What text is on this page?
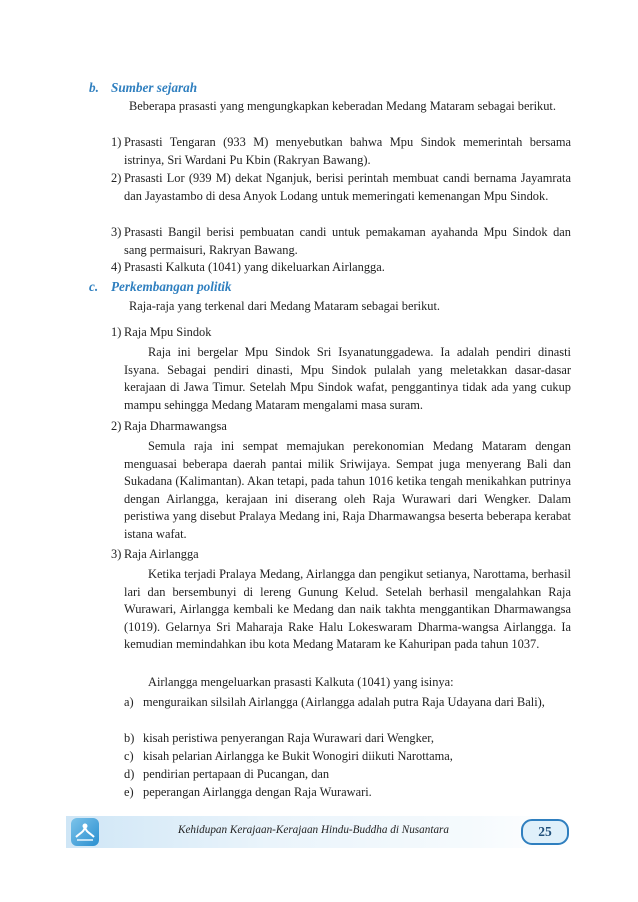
b. Sumber sejarah
Beberapa prasasti yang mengungkapkan keberadan Medang Mataram sebagai berikut.
1) Prasasti Tengaran (933 M) menyebutkan bahwa Mpu Sindok memerintah bersama istrinya, Sri Wardani Pu Kbin (Rakryan Bawang).
2) Prasasti Lor (939 M) dekat Nganjuk, berisi perintah membuat candi bernama Jayamrata dan Jayastambo di desa Anyok Lodang untuk memeringati kemenangan Mpu Sindok.
3) Prasasti Bangil berisi pembuatan candi untuk pemakaman ayahanda Mpu Sindok dan sang permaisuri, Rakryan Bawang.
4) Prasasti Kalkuta (1041) yang dikeluarkan Airlangga.
c. Perkembangan politik
Raja-raja yang terkenal dari Medang Mataram sebagai berikut.
1) Raja Mpu Sindok
Raja ini bergelar Mpu Sindok Sri Isyanatunggadewa. Ia adalah pendiri dinasti Isyana. Sebagai pendiri dinasti, Mpu Sindok pulalah yang meletakkan dasar-dasar kerajaan di Jawa Timur. Setelah Mpu Sindok wafat, penggantinya tidak ada yang cukup mampu sehingga Medang Mataram mengalami masa suram.
2) Raja Dharmawangsa
Semula raja ini sempat memajukan perekonomian Medang Mataram dengan menguasai beberapa daerah pantai milik Sriwijaya. Sempat juga menyerang Bali dan Sukadana (Kalimantan). Akan tetapi, pada tahun 1016 ketika tengah menikahkan putrinya dengan Airlangga, kerajaan ini diserang oleh Raja Wurawari dari Wengker. Dalam peristiwa yang disebut Pralaya Medang ini, Raja Dharmawangsa beserta beberapa kerabat istana wafat.
3) Raja Airlangga
Ketika terjadi Pralaya Medang, Airlangga dan pengikut setianya, Narottama, berhasil lari dan bersembunyi di lereng Gunung Kelud. Setelah berhasil mengalahkan Raja Wurawari, Airlangga kembali ke Medang dan naik takhta menggantikan Dharmawangsa (1019). Gelarnya Sri Maharaja Rake Halu Lokeswaram Dharma-wangsa Airlangga. Ia kemudian memindahkan ibu kota Medang Mataram ke Kahuripan pada tahun 1037.
Airlangga mengeluarkan prasasti Kalkuta (1041) yang isinya:
a) menguraikan silsilah Airlangga (Airlangga adalah putra Raja Udayana dari Bali),
b) kisah peristiwa penyerangan Raja Wurawari dari Wengker,
c) kisah pelarian Airlangga ke Bukit Wonogiri diikuti Narottama,
d) pendirian pertapaan di Pucangan, dan
e) peperangan Airlangga dengan Raja Wurawari.
Kehidupan Kerajaan-Kerajaan Hindu-Buddha di Nusantara	25
